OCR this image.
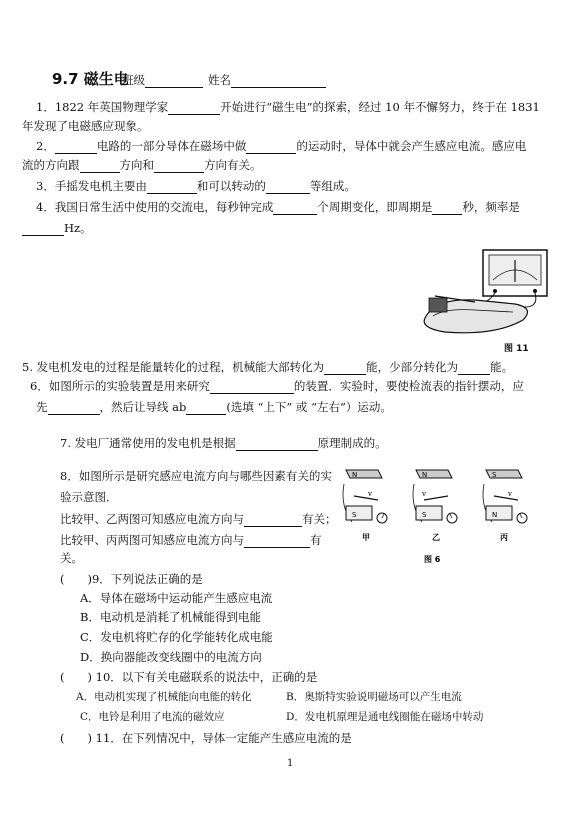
9.7 磁生电
班级	姓名
1．1822 年英国物理学家	开始进行“磁生电”的探索，经过 10 年不懈努力，终于在 1831
年发现了电磁感应现象。
2．	电路的一部分导体在磁场中做	的运动时，导体中就会产生感应电流。感应电
流的方向跟	方向和	方向有关。
3．手摇发电机主要由	和可以转动的	等组成。
4．我国日常生活中使用的交流电，每秒钟完成	个周期变化，即周期是	秒，频率是
Hz。
图 11
5. 发电机发电的过程是能量转化的过程，机械能大部转化为	能，少部分转化为	能。
6．如图所示的实验装置是用来研究	的装置．实验时，要使检流表的指针摆动，应
先	，然后让导线 ab	(选填 “上下” 或 “左右”）运动。
7. 发电厂通常使用的发电机是根据	原理制成的。
8．如图所示是研究感应电流方向与哪些因素有关的实
验示意图．
比较甲、乙两图可知感应电流方向与	有关；
比较甲、丙两图可知感应电流方向与	有
关。
N
S
v
甲
N
S
v
乙
S
N
v
丙
图 6
(　　)9．下列说法正确的是
A．导体在磁场中运动能产生感应电流
B．电动机是消耗了机械能得到电能
C．发电机将贮存的化学能转化成电能
D．换向器能改变线圈中的电流方向
(　　) 10．以下有关电磁联系的说法中，正确的是
A．电动机实现了机械能向电能的转化	B．奥斯特实验说明磁场可以产生电流
C．电铃是利用了电流的磁效应	D．发电机原理是通电线圈能在磁场中转动
(　　) 11．在下列情况中，导体一定能产生感应电流的是
1
